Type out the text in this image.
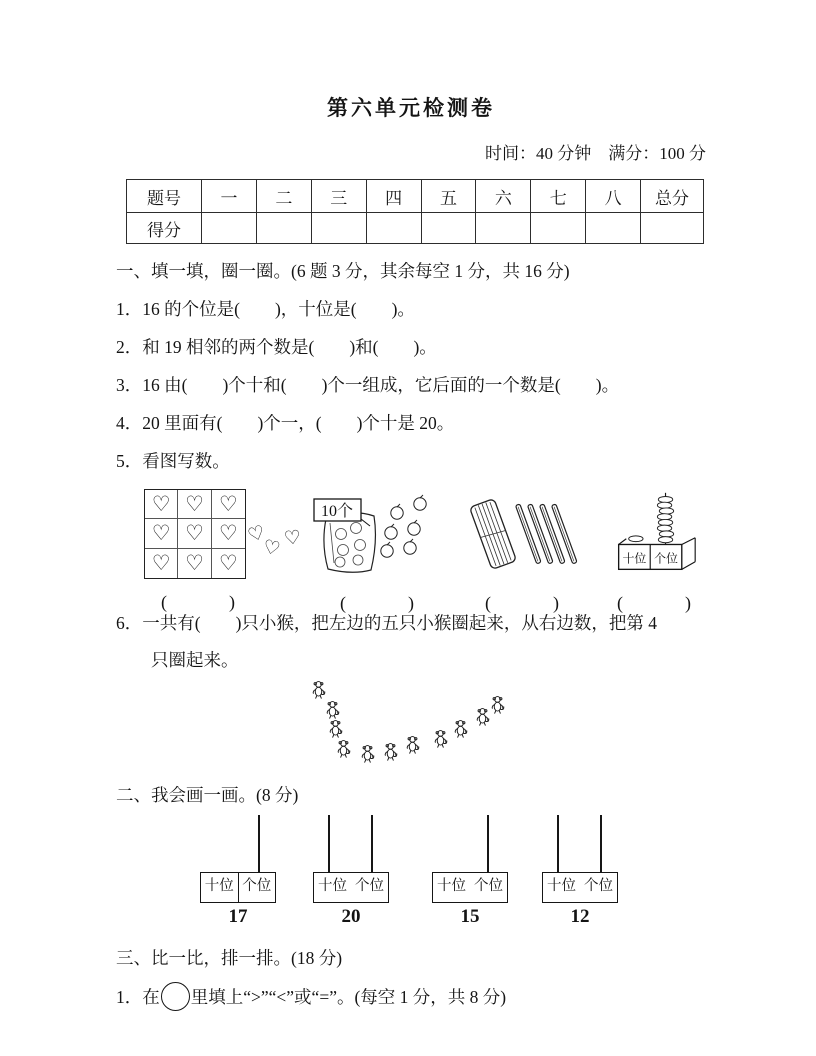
第六单元检测卷
时间：40 分钟　满分：100 分
题号	一	二	三	四	五	六	七	八	总分
得分									
一、填一填，圈一圈。(6 题 3 分，其余每空 1 分，共 16 分)
1．16 的个位是(　　)，十位是(　　)。
2．和 19 相邻的两个数是(　　)和(　　)。
3．16 由(　　)个十和(　　)个一组成，它后面的一个数是(　　)。
4．20 里面有(　　)个一，(　　)个十是 20。
5．看图写数。
♡ ♡ ♡
♡ ♡ ♡
♡ ♡ ♡
♡
♡ ♡
(　　　)
10个
(　　　)	(　　　)
十位 个位
(　　　)
6．一共有(　　)只小猴，把左边的五只小猴圈起来，从右边数，把第 4
只圈起来。
二、我会画一画。(8 分)
十位 个位
17
十位 个位
20
十位 个位
15
十位 个位
12
三、比一比，排一排。(18 分)
1．在 里填上“>”“<”或“=”。(每空 1 分，共 8 分)
